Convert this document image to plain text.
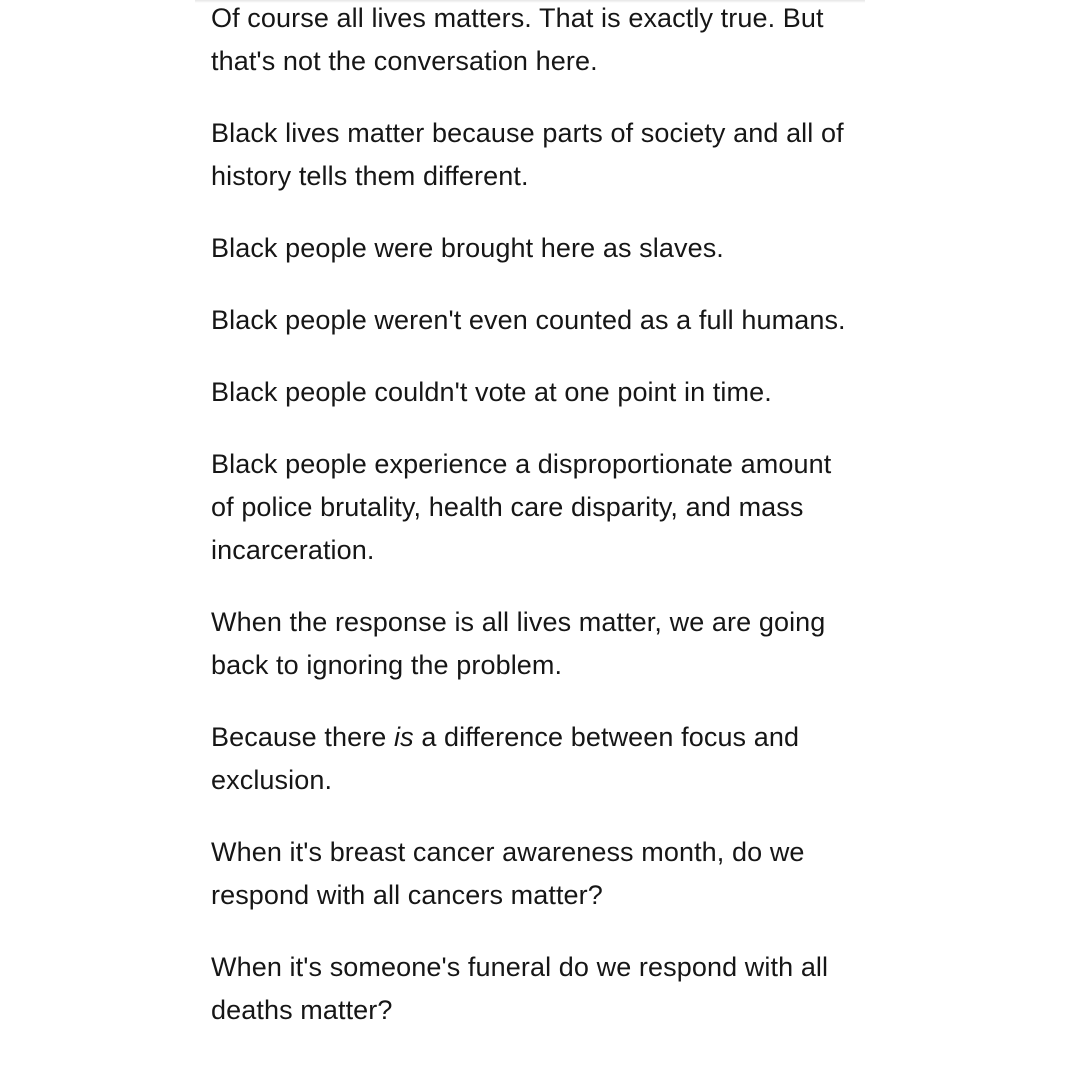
Of course all lives matters. That is exactly true. But that's not the conversation here.

Black lives matter because parts of society and all of history tells them different.

Black people were brought here as slaves.

Black people weren't even counted as a full humans.

Black people couldn't vote at one point in time.

Black people experience a disproportionate amount of police brutality, health care disparity, and mass incarceration.

When the response is all lives matter, we are going back to ignoring the problem.

Because there is a difference between focus and exclusion.

When it's breast cancer awareness month, do we respond with all cancers matter?

When it's someone's funeral do we respond with all deaths matter?
